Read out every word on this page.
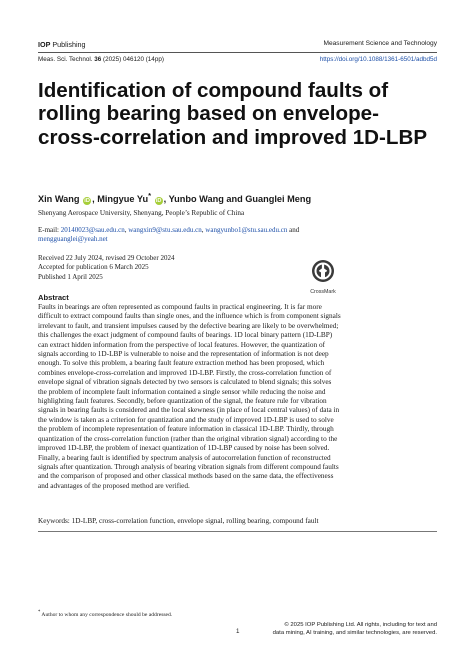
IOP Publishing	Measurement Science and Technology
Meas. Sci. Technol. 36 (2025) 046120 (14pp)	https://doi.org/10.1088/1361-6501/adbd5d
Identification of compound faults of rolling bearing based on envelope-cross-correlation and improved 1D-LBP
Xin Wang iD , Mingyue Yu* iD , Yunbo Wang and Guanglei Meng
Shenyang Aerospace University, Shenyang, People’s Republic of China
E-mail: 20140023@sau.edu.cn, wangxin9@stu.sau.edu.cn, wangyunbo1@stu.sau.edu.cn and
mengguanglei@yeah.net
Received 22 July 2024, revised 29 October 2024
Accepted for publication 6 March 2025
Published 1 April 2025
CrossMark
Abstract
Faults in bearings are often represented as compound faults in practical engineering. It is far more difficult to extract compound faults than single ones, and the influence which is from component signals irrelevant to fault, and transient impulses caused by the defective bearing are likely to be overwhelmed; this challenges the exact judgment of compound faults of bearings. 1D local binary pattern (1D-LBP) can extract hidden information from the perspective of local features. However, the quantization of signals according to 1D-LBP is vulnerable to noise and the representation of information is not deep enough. To solve this problem, a bearing fault feature extraction method has been proposed, which combines envelope-cross-correlation and improved 1D-LBP. Firstly, the cross-correlation function of envelope signal of vibration signals detected by two sensors is calculated to blend signals; this solves the problem of incomplete fault information contained a single sensor while reducing the noise and highlighting fault features. Secondly, before quantization of the signal, the feature rule for vibration signals in bearing faults is considered and the local skewness (in place of local central values) of data in the window is taken as a criterion for quantization and the study of improved 1D-LBP is used to solve the problem of incomplete representation of feature information in classical 1D-LBP. Thirdly, through quantization of the cross-correlation function (rather than the original vibration signal) according to the improved 1D-LBP, the problem of inexact quantization of 1D-LBP caused by noise has been solved. Finally, a bearing fault is identified by spectrum analysis of autocorrelation function of reconstructed signals after quantization. Through analysis of bearing vibration signals from different compound faults and the comparison of proposed and other classical methods based on the same data, the effectiveness and advantages of the proposed method are verified.
Keywords: 1D-LBP, cross-correlation function, envelope signal, rolling bearing, compound fault
* Author to whom any correspondence should be addressed.
1
© 2025 IOP Publishing Ltd. All rights, including for text and
data mining, AI training, and similar technologies, are reserved.
